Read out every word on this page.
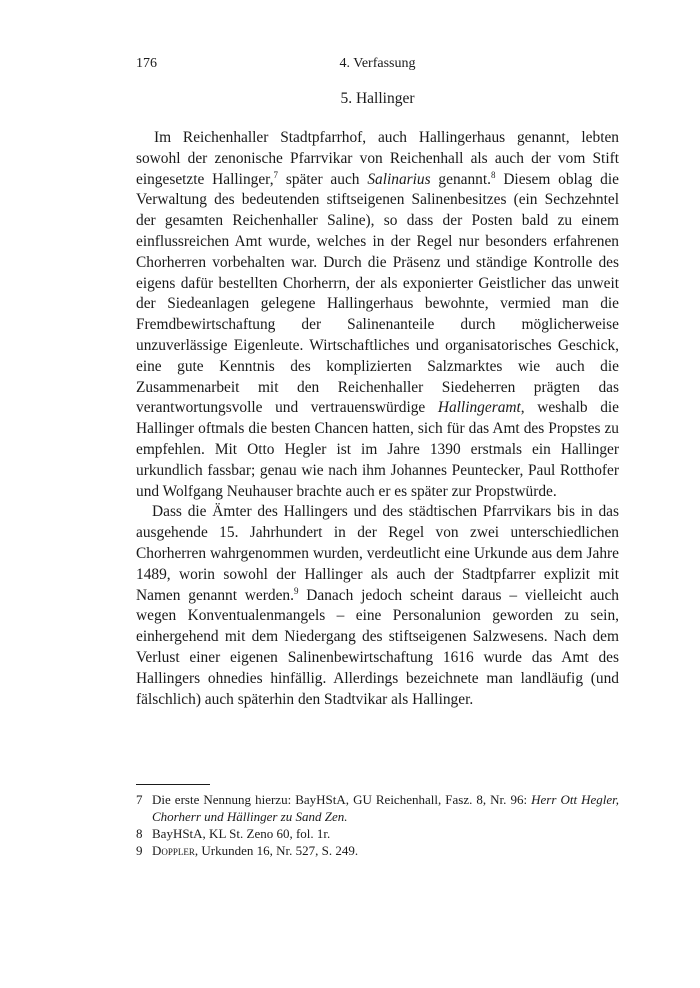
176	4. Verfassung
5. Hallinger

Im Reichenhaller Stadtpfarrhof, auch Hallingerhaus genannt, lebten sowohl der zenonische Pfarrvikar von Reichenhall als auch der vom Stift eingesetzte Hallinger,$^7$ später auch Salinarius genannt.$^8$ Diesem oblag die Verwaltung des bedeutenden stiftseigenen Salinenbesitzes (ein Sechzehntel der gesamten Reichenhaller Saline), so dass der Posten bald zu einem einflussreichen Amt wurde, welches in der Regel nur besonders erfahrenen Chorherren vorbehalten war. Durch die Präsenz und ständige Kontrolle des eigens dafür bestellten Chorherrn, der als exponierter Geistlicher das unweit der Siedeanlagen gelegene Hallingerhaus bewohnte, vermied man die Fremdbewirtschaftung der Salinenanteile durch möglicherweise unzuverlässige Eigenleute. Wirtschaftliches und organisatorisches Geschick, eine gute Kenntnis des komplizierten Salzmarktes wie auch die Zusammenarbeit mit den Reichenhaller Siedeherren prägten das verantwortungsvolle und vertrauenswürdige Hallingeramt, weshalb die Hallinger oftmals die besten Chancen hatten, sich für das Amt des Propstes zu empfehlen. Mit Otto Hegler ist im Jahre 1390 erstmals ein Hallinger urkundlich fassbar; genau wie nach ihm Johannes Peuntecker, Paul Rotthofer und Wolfgang Neuhauser brachte auch er es später zur Propstwürde.

Dass die Ämter des Hallingers und des städtischen Pfarrvikars bis in das ausgehende 15. Jahrhundert in der Regel von zwei unterschiedlichen Chorherren wahrgenommen wurden, verdeutlicht eine Urkunde aus dem Jahre 1489, worin sowohl der Hallinger als auch der Stadtpfarrer explizit mit Namen genannt werden.$^9$ Danach jedoch scheint daraus – vielleicht auch wegen Konventualenmangels – eine Personalunion geworden zu sein, einhergehend mit dem Niedergang des stiftseigenen Salzwesens. Nach dem Verlust einer eigenen Salinenbewirtschaftung 1616 wurde das Amt des Hallingers ohnedies hinfällig. Allerdings bezeichnete man landläufig (und fälschlich) auch späterhin den Stadtvikar als Hallinger.

7 Die erste Nennung hierzu: BayHStA, GU Reichenhall, Fasz. 8, Nr. 96: Herr Ott Hegler, Chorherr und Hällinger zu Sand Zen.
8 BayHStA, KL St. Zeno 60, fol. 1r.
9 Doppler, Urkunden 16, Nr. 527, S. 249.
